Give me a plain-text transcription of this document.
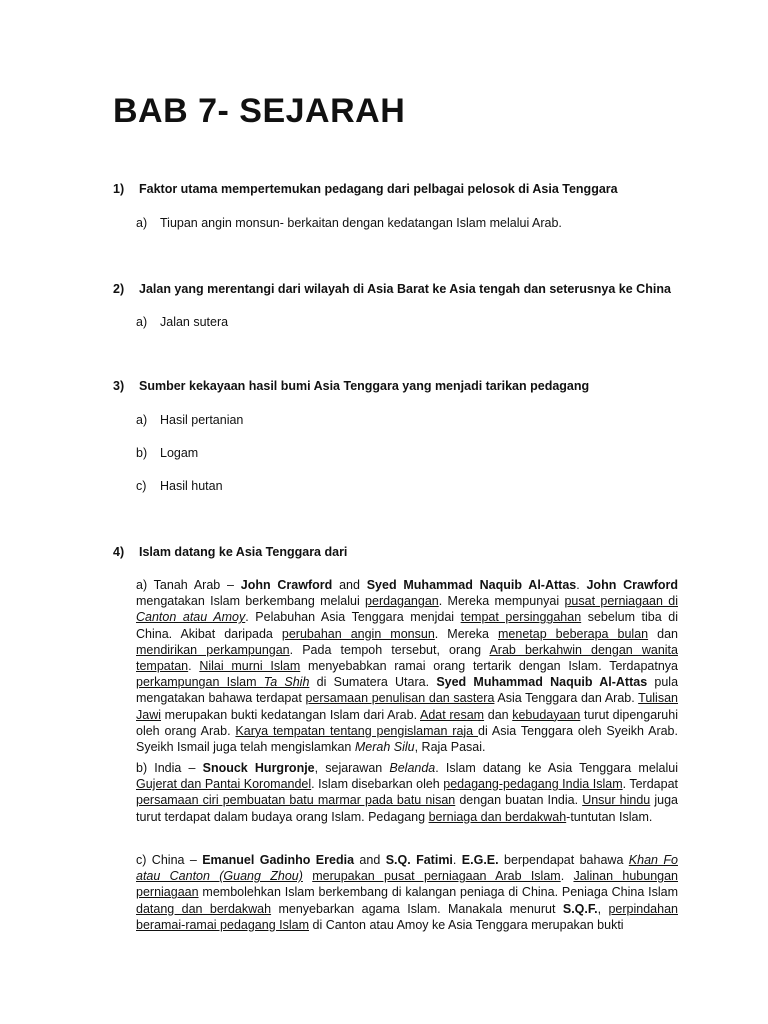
BAB 7- SEJARAH
1) Faktor utama mempertemukan pedagang dari pelbagai pelosok di Asia Tenggara
a) Tiupan angin monsun- berkaitan dengan kedatangan Islam melalui Arab.
2) Jalan yang merentangi dari wilayah di Asia Barat ke Asia tengah dan seterusnya ke China
a) Jalan sutera
3) Sumber kekayaan hasil bumi Asia Tenggara yang menjadi tarikan pedagang
a) Hasil pertanian
b) Logam
c) Hasil hutan
4) Islam datang ke Asia Tenggara dari

a) Tanah Arab – John Crawford and Syed Muhammad Naquib Al-Attas. John Crawford mengatakan Islam berkembang melalui perdagangan. Mereka mempunyai pusat perniagaan di Canton atau Amoy. Pelabuhan Asia Tenggara menjdai tempat persinggahan sebelum tiba di China. Akibat daripada perubahan angin monsun. Mereka menetap beberapa bulan dan mendirikan perkampungan. Pada tempoh tersebut, orang Arab berkahwin dengan wanita tempatan. Nilai murni Islam menyebabkan ramai orang tertarik dengan Islam. Terdapatnya perkampungan Islam Ta Shih di Sumatera Utara. Syed Muhammad Naquib Al-Attas pula mengatakan bahawa terdapat persamaan penulisan dan sastera Asia Tenggara dan Arab. Tulisan Jawi merupakan bukti kedatangan Islam dari Arab. Adat resam dan kebudayaan turut dipengaruhi oleh orang Arab. Karya tempatan tentang pengislaman raja di Asia Tenggara oleh Syeikh Arab. Syeikh Ismail juga telah mengislamkan Merah Silu, Raja Pasai.

b) India – Snouck Hurgronje, sejarawan Belanda. Islam datang ke Asia Tenggara melalui Gujerat dan Pantai Koromandel. Islam disebarkan oleh pedagang-pedagang India Islam. Terdapat persamaan ciri pembuatan batu marmar pada batu nisan dengan buatan India. Unsur hindu juga turut terdapat dalam budaya orang Islam. Pedagang berniaga dan berdakwah-tuntutan Islam.

c) China – Emanuel Gadinho Eredia and S.Q. Fatimi. E.G.E. berpendapat bahawa Khan Fo atau Canton (Guang Zhou) merupakan pusat perniagaan Arab Islam. Jalinan hubungan perniagaan membolehkan Islam berkembang di kalangan peniaga di China. Peniaga China Islam datang dan berdakwah menyebarkan agama Islam. Manakala menurut S.Q.F., perpindahan beramai-ramai pedagang Islam di Canton atau Amoy ke Asia Tenggara merupakan bukti
